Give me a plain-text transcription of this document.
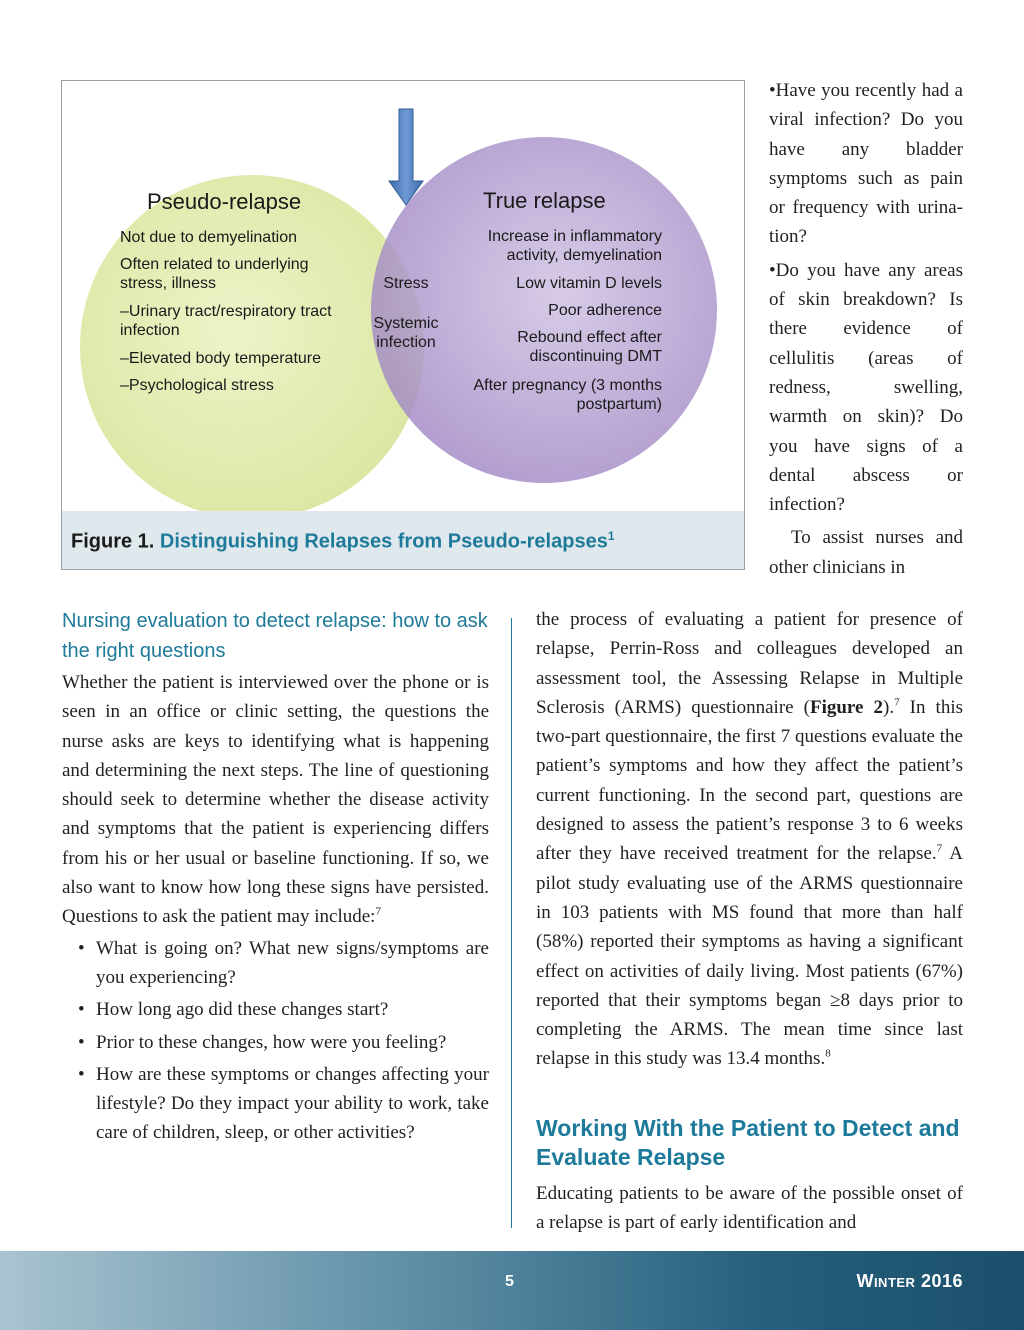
Pseudo-relapse
Not due to demyelination
Often related to underlying stress, illness
–Urinary tract/respiratory tract infection
–Elevated body temperature
–Psychological stress
Stress
Systemic infection
True relapse
Increase in inflammatory activity, demyelination
Low vitamin D levels
Poor adherence
Rebound effect after discontinuing DMT
After pregnancy (3 months postpartum)
Figure 1. Distinguishing Relapses from Pseudo-relapses$^1$

•Have you recently had a viral infection? Do you have any bladder symptoms such as pain or frequency with urination?

•Do you have any areas of skin breakdown? Is there evidence of cellulitis (areas of redness, swelling, warmth on skin)? Do you have signs of a dental abscess or infection?

To assist nurses and other clinicians in

Nursing evaluation to detect relapse: how to ask the right questions

Whether the patient is interviewed over the phone or is seen in an office or clinic setting, the questions the nurse asks are keys to identifying what is happening and determining the next steps. The line of questioning should seek to determine whether the disease activity and symptoms that the patient is experiencing differs from his or her usual or baseline functioning. If so, we also want to know how long these signs have persisted. Questions to ask the patient may include:$^7$

• What is going on? What new signs/symptoms are you experiencing?
• How long ago did these changes start?
• Prior to these changes, how were you feeling?
• How are these symptoms or changes affecting your lifestyle? Do they impact your ability to work, take care of children, sleep, or other activities?

the process of evaluating a patient for presence of relapse, Perrin-Ross and colleagues developed an assessment tool, the Assessing Relapse in Multiple Sclerosis (ARMS) questionnaire (Figure 2).$^7$ In this two-part questionnaire, the first 7 questions evaluate the patient’s symptoms and how they affect the patient’s current functioning. In the second part, questions are designed to assess the patient’s response 3 to 6 weeks after they have received treatment for the relapse.$^7$ A pilot study evaluating use of the ARMS questionnaire in 103 patients with MS found that more than half (58%) reported their symptoms as having a significant effect on activities of daily living. Most patients (67%) reported that their symptoms began ≥8 days prior to completing the ARMS. The mean time since last relapse in this study was 13.4 months.$^8$

Working With the Patient to Detect and Evaluate Relapse

Educating patients to be aware of the possible onset of a relapse is part of early identification and

5	Winter 2016
